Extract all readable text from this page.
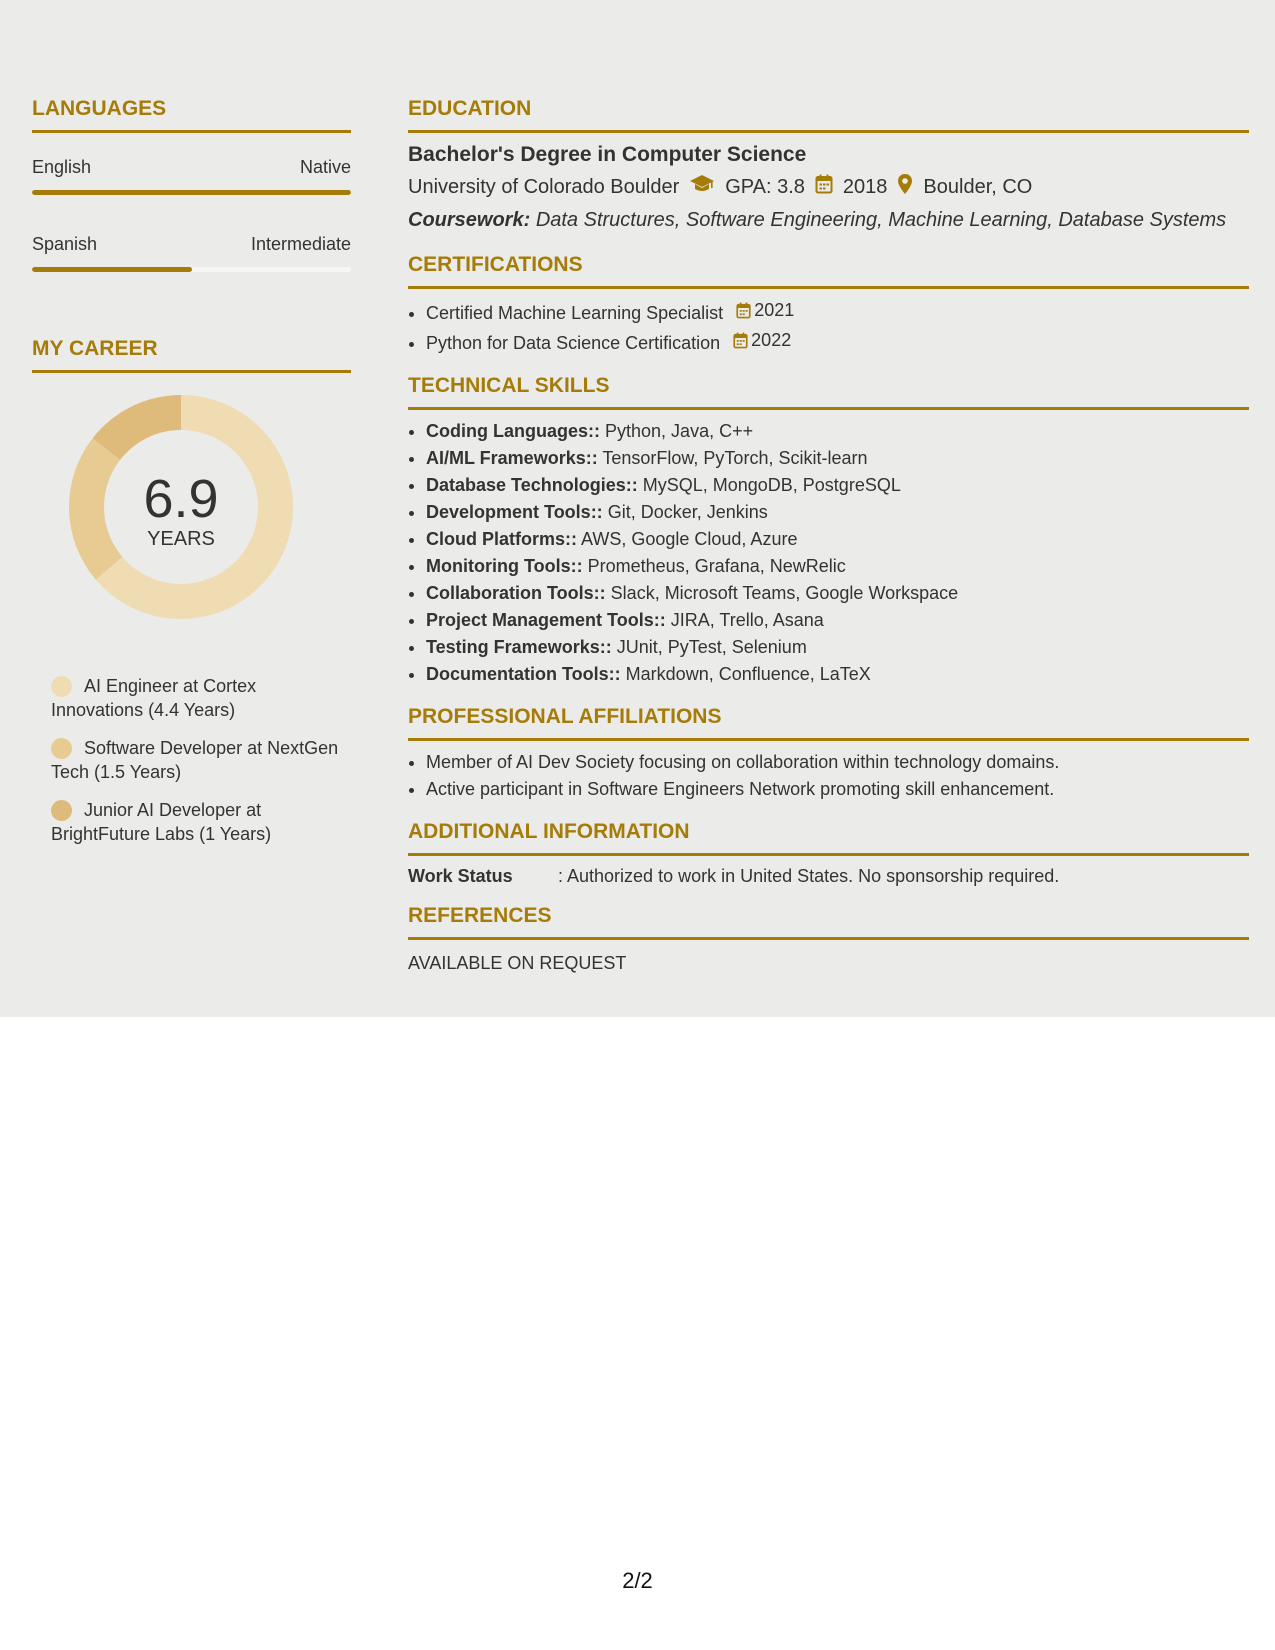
LANGUAGES
English	Native
Spanish	Intermediate
MY CAREER
6.9
YEARS
AI Engineer at Cortex Innovations (4.4 Years)
Software Developer at NextGen Tech (1.5 Years)
Junior AI Developer at BrightFuture Labs (1 Years)
EDUCATION
Bachelor's Degree in Computer Science
University of Colorado Boulder GPA: 3.8 2018 Boulder, CO
Coursework: Data Structures, Software Engineering, Machine Learning, Database Systems
CERTIFICATIONS
• Certified Machine Learning Specialist 2021
• Python for Data Science Certification 2022
TECHNICAL SKILLS
• Coding Languages:: Python, Java, C++
• AI/ML Frameworks:: TensorFlow, PyTorch, Scikit-learn
• Database Technologies:: MySQL, MongoDB, PostgreSQL
• Development Tools:: Git, Docker, Jenkins
• Cloud Platforms:: AWS, Google Cloud, Azure
• Monitoring Tools:: Prometheus, Grafana, NewRelic
• Collaboration Tools:: Slack, Microsoft Teams, Google Workspace
• Project Management Tools:: JIRA, Trello, Asana
• Testing Frameworks:: JUnit, PyTest, Selenium
• Documentation Tools:: Markdown, Confluence, LaTeX
PROFESSIONAL AFFILIATIONS
• Member of AI Dev Society focusing on collaboration within technology domains.
• Active participant in Software Engineers Network promoting skill enhancement.
ADDITIONAL INFORMATION
Work Status	: Authorized to work in United States. No sponsorship required.
REFERENCES
AVAILABLE ON REQUEST
2/2
